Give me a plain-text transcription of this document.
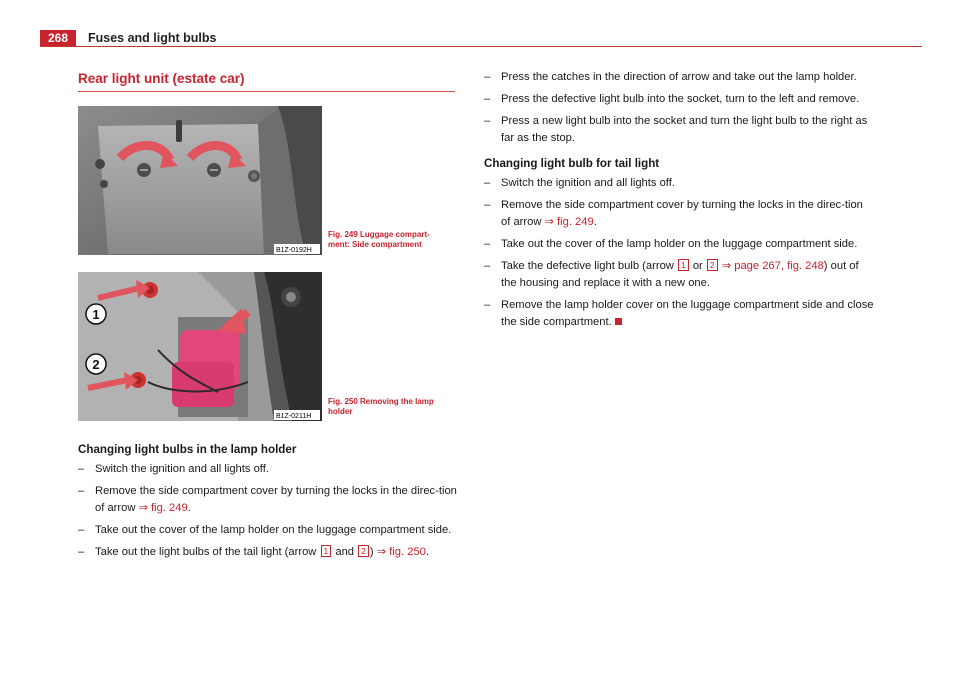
268	Fuses and light bulbs
Rear light unit (estate car)
B1Z-0192H
Fig. 249 Luggage compart-
ment: Side compartment
1
2
B1Z-0211H
Fig. 250 Removing the lamp
holder
Changing light bulbs in the lamp holder
– Switch the ignition and all lights off.
– Remove the side compartment cover by turning the locks in the direc-tion of arrow ⇒ fig. 249.
– Take out the cover of the lamp holder on the luggage compartment side.
– Take out the light bulbs of the tail light (arrow 1 and 2 ) ⇒ fig. 250.
– Press the catches in the direction of arrow and take out the lamp holder.
– Press the defective light bulb into the socket, turn to the left and remove.
– Press a new light bulb into the socket and turn the light bulb to the right as far as the stop.
Changing light bulb for tail light
– Switch the ignition and all lights off.
– Remove the side compartment cover by turning the locks in the direc-tion of arrow ⇒ fig. 249.
– Take out the cover of the lamp holder on the luggage compartment side.
– Take the defective light bulb (arrow 1 or 2 ⇒ page 267, fig. 248) out of the housing and replace it with a new one.
– Remove the lamp holder cover on the luggage compartment side and close the side compartment.
